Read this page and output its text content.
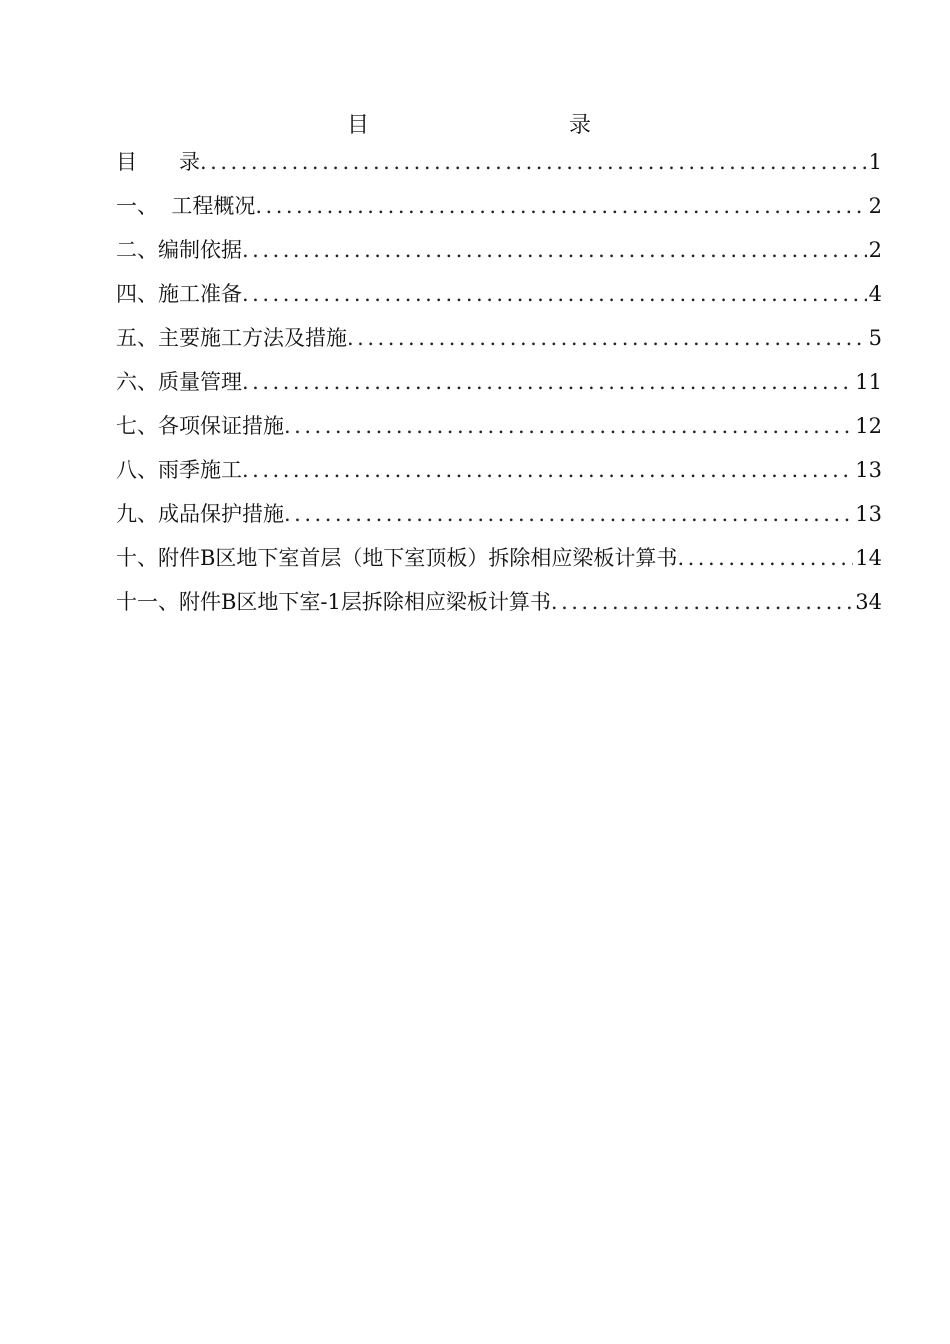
目　　录
目　　录 .....	1
一、  工程概况 .....	2
二、编制依据 .....	2
四、施工准备 .....	4
五、主要施工方法及措施 .....	5
六、质量管理 .....	11
七、各项保证措施 .....	12
八、雨季施工 .....	13
九、成品保护措施 .....	13
十、附件B区地下室首层（地下室顶板）拆除相应梁板计算书 .....	14
十一、附件B区地下室-1层拆除相应梁板计算书 .....	34
